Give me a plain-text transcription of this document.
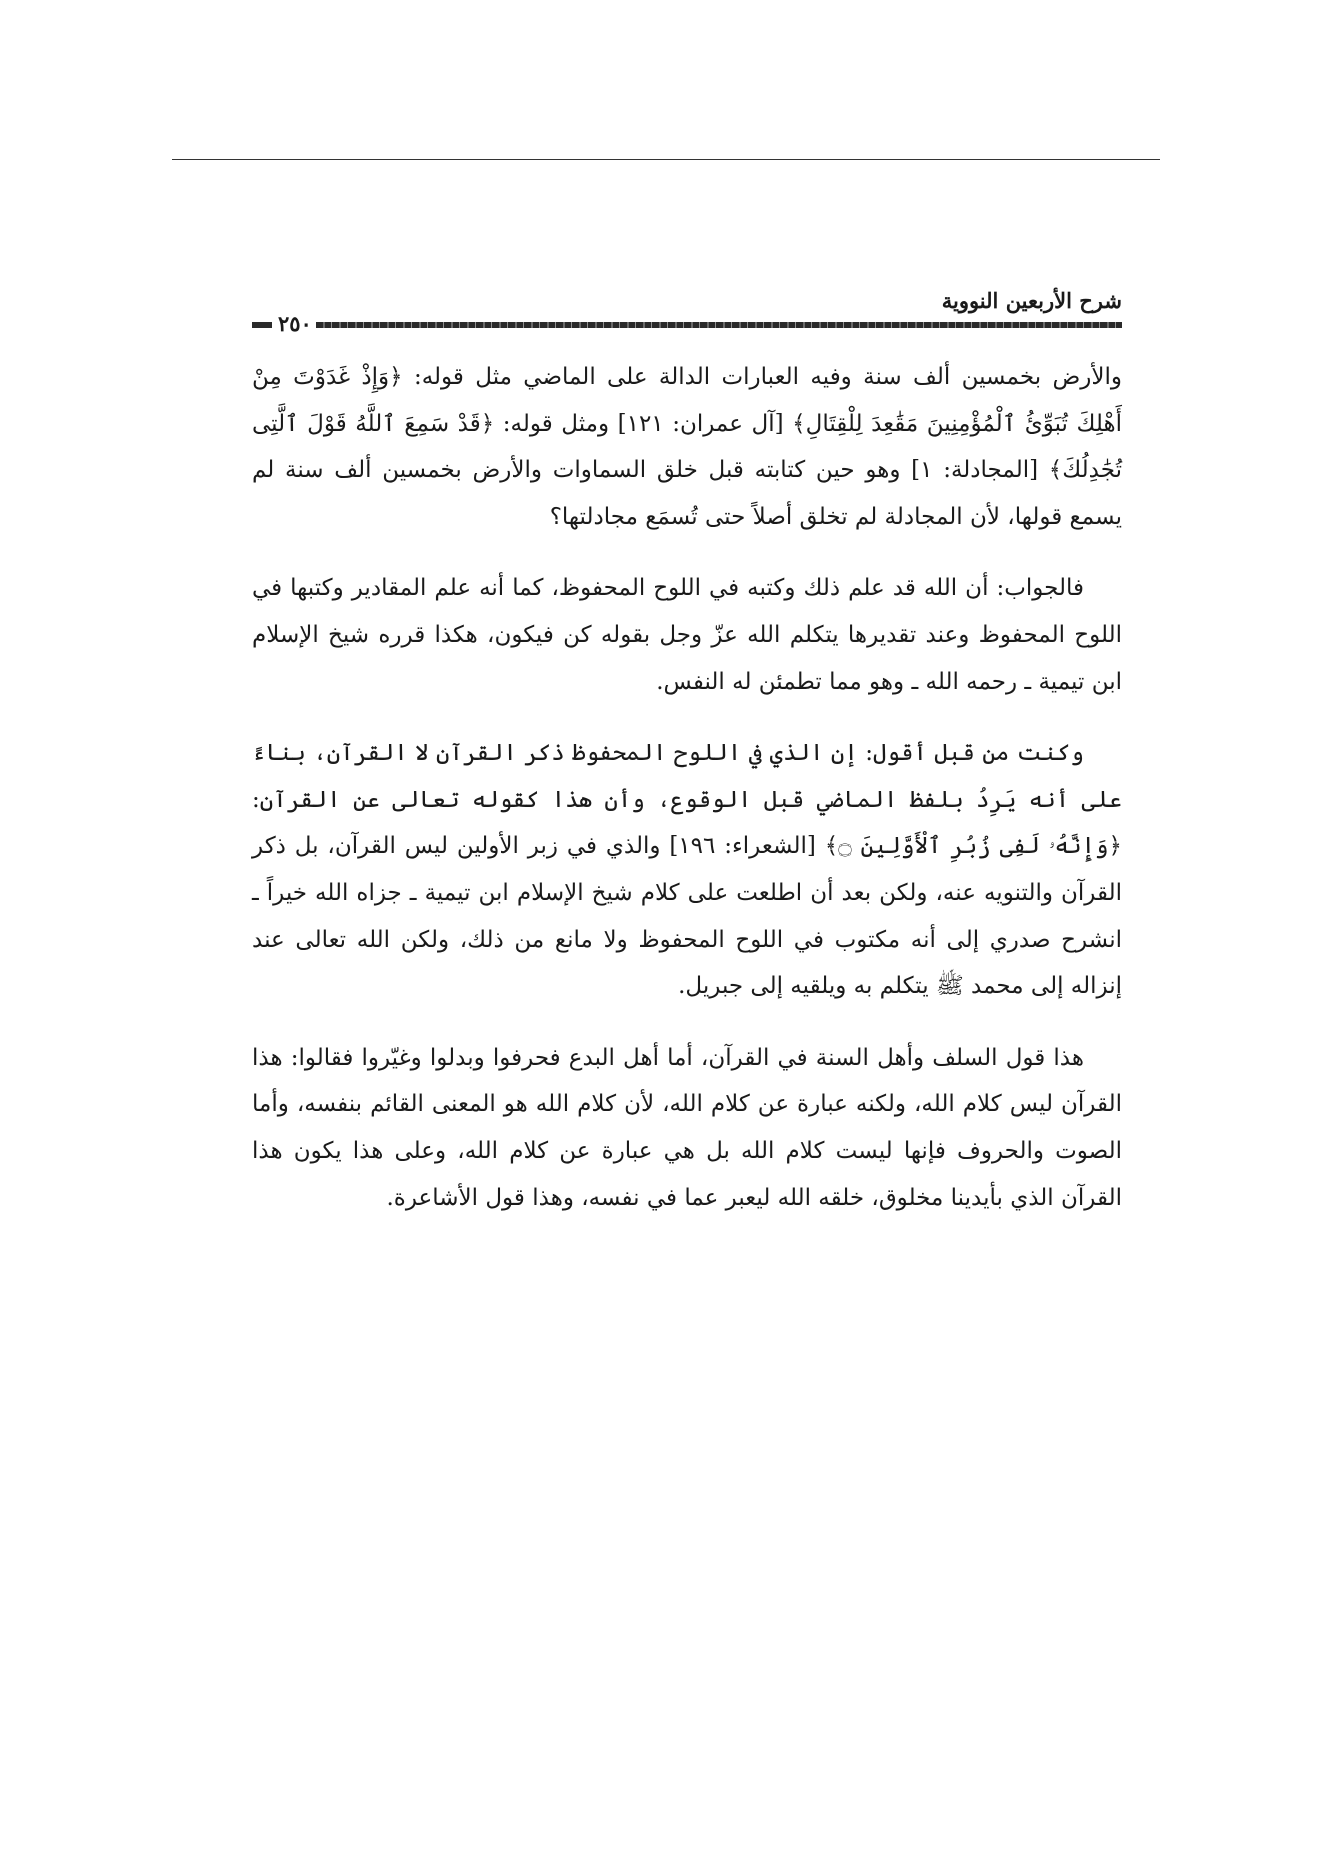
شرح الأربعين النووية
٢٥٠

والأرض بخمسين ألف سنة وفيه العبارات الدالة على الماضي مثل قوله: ﴿وَإِذْ غَدَوْتَ مِنْ أَهْلِكَ تُبَوِّئُ ٱلْمُؤْمِنِينَ مَقَٰعِدَ لِلْقِتَالِ﴾ [آل عمران: ١٢١] ومثل قوله: ﴿قَدْ سَمِعَ ٱللَّهُ قَوْلَ ٱلَّتِى تُجَٰدِلُكَ﴾ [المجادلة: ١] وهو حين كتابته قبل خلق السماوات والأرض بخمسين ألف سنة لم يسمع قولها، لأن المجادلة لم تخلق أصلاً حتى تُسمَع مجادلتها؟

فالجواب: أن الله قد علم ذلك وكتبه في اللوح المحفوظ، كما أنه علم المقادير وكتبها في اللوح المحفوظ وعند تقديرها يتكلم الله عزّ وجل بقوله كن فيكون، هكذا قرره شيخ الإسلام ابن تيمية ـ رحمه الله ـ وهو مما تطمئن له النفس.

وكنت من قبل أقول: إن الذي في اللوح المحفوظ ذكر القرآن لا القرآن، بناءً على أنه يَرِدُ بلفظ الماضي قبل الوقوع، وأن هذا كقوله تعالى عن القرآن: ﴿وَإِنَّهُۥ لَفِى زُبُرِ ٱلْأَوَّلِينَ ۝﴾ [الشعراء: ١٩٦] والذي في زبر الأولين ليس القرآن، بل ذكر القرآن والتنويه عنه، ولكن بعد أن اطلعت على كلام شيخ الإسلام ابن تيمية ـ جزاه الله خيراً ـ انشرح صدري إلى أنه مكتوب في اللوح المحفوظ ولا مانع من ذلك، ولكن الله تعالى عند إنزاله إلى محمد ﷺ يتكلم به ويلقيه إلى جبريل.

هذا قول السلف وأهل السنة في القرآن، أما أهل البدع فحرفوا وبدلوا وغيّروا فقالوا: هذا القرآن ليس كلام الله، ولكنه عبارة عن كلام الله، لأن كلام الله هو المعنى القائم بنفسه، وأما الصوت والحروف فإنها ليست كلام الله بل هي عبارة عن كلام الله، وعلى هذا يكون هذا القرآن الذي بأيدينا مخلوق، خلقه الله ليعبر عما في نفسه، وهذا قول الأشاعرة.
